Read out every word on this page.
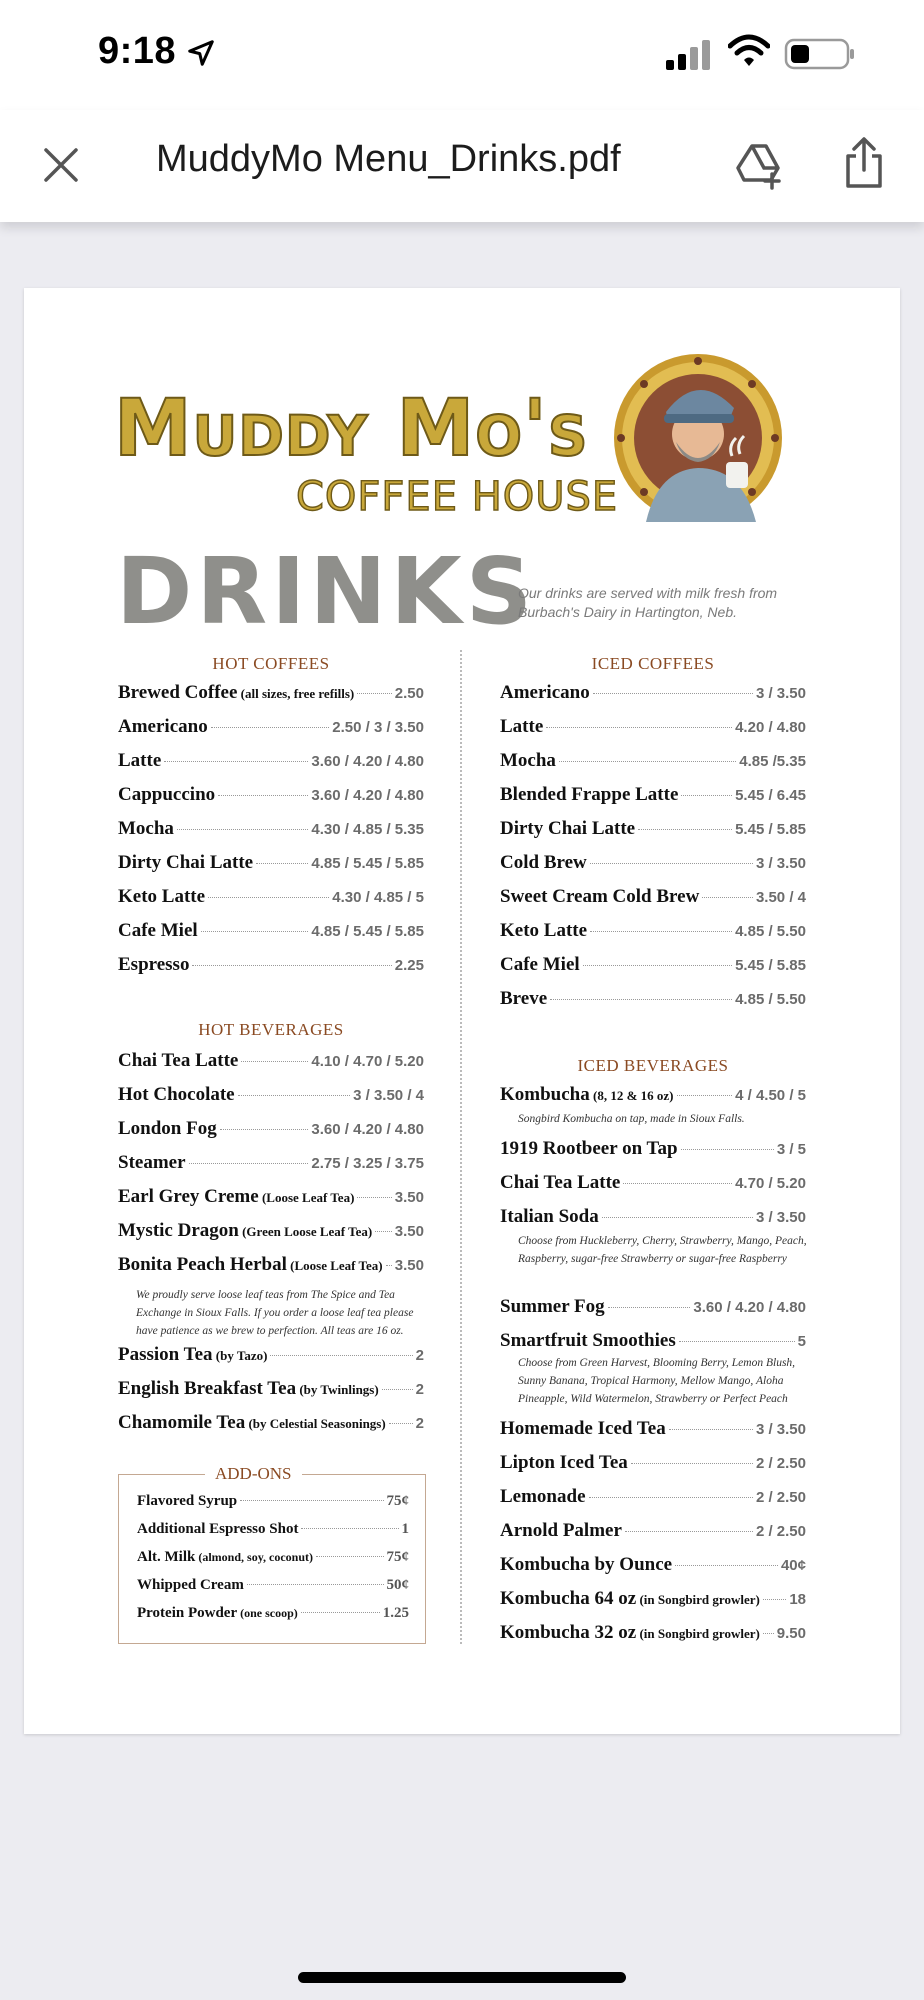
9:18
MuddyMo Menu_Drinks.pdf
Muddy Mo's
COFFEE HOUSE
DRINKS
Our drinks are served with milk fresh from Burbach's Dairy in Hartington, Neb.
HOT COFFEES
Brewed Coffee (all sizes, free refills)	2.50
Americano	2.50 / 3 / 3.50
Latte	3.60 / 4.20 / 4.80
Cappuccino	3.60 / 4.20 / 4.80
Mocha	4.30 / 4.85 / 5.35
Dirty Chai Latte	4.85 / 5.45 / 5.85
Keto Latte	4.30 / 4.85 / 5
Cafe Miel	4.85 / 5.45 / 5.85
Espresso	2.25
HOT BEVERAGES
Chai Tea Latte	4.10 / 4.70 / 5.20
Hot Chocolate	3 / 3.50 / 4
London Fog	3.60 / 4.20 / 4.80
Steamer	2.75 / 3.25 / 3.75
Earl Grey Creme (Loose Leaf Tea)	3.50
Mystic Dragon (Green Loose Leaf Tea) 3.50
Bonita Peach Herbal (Loose Leaf Tea) 3.50
Passion Tea (by Tazo)	2
English Breakfast Tea (by Twinlings) 2
Chamomile Tea (by Celestial Seasonings) 2
We proudly serve loose leaf teas from The Spice and Tea Exchange in Sioux Falls. If you order a loose leaf tea please have patience as we brew to perfection. All teas are 16 oz.
ADD-ONS
Flavored Syrup	75¢
Additional Espresso Shot	1
Alt. Milk (almond, soy, coconut)	75¢
Whipped Cream	50¢
Protein Powder (one scoop)	1.25
ICED COFFEES
Americano	3 / 3.50
Latte	4.20 / 4.80
Mocha	4.85 /5.35
Blended Frappe Latte	5.45 / 6.45
Dirty Chai Latte	5.45 / 5.85
Cold Brew	3 / 3.50
Sweet Cream Cold Brew	3.50 / 4
Keto Latte	4.85 / 5.50
Cafe Miel	5.45 / 5.85
Breve	4.85 / 5.50
ICED BEVERAGES
Kombucha (8, 12 & 16 oz)	4 / 4.50 / 5
1919 Rootbeer on Tap	3 / 5
Chai Tea Latte	4.70 / 5.20
Italian Soda	3 / 3.50
Summer Fog	3.60 / 4.20 / 4.80
Smartfruit Smoothies	5
Homemade Iced Tea	3 / 3.50
Lipton Iced Tea	2 / 2.50
Lemonade	2 / 2.50
Arnold Palmer	2 / 2.50
Kombucha by Ounce	40¢
Kombucha 64 oz (in Songbird growler) 18
Kombucha 32 oz (in Songbird growler) 9.50
Songbird Kombucha on tap, made in Sioux Falls.
Choose from Huckleberry, Cherry, Strawberry, Mango, Peach, Raspberry, sugar-free Strawberry or sugar-free Raspberry
Choose from Green Harvest, Blooming Berry, Lemon Blush, Sunny Banana, Tropical Harmony, Mellow Mango, Aloha Pineapple, Wild Watermelon, Strawberry or Perfect Peach
